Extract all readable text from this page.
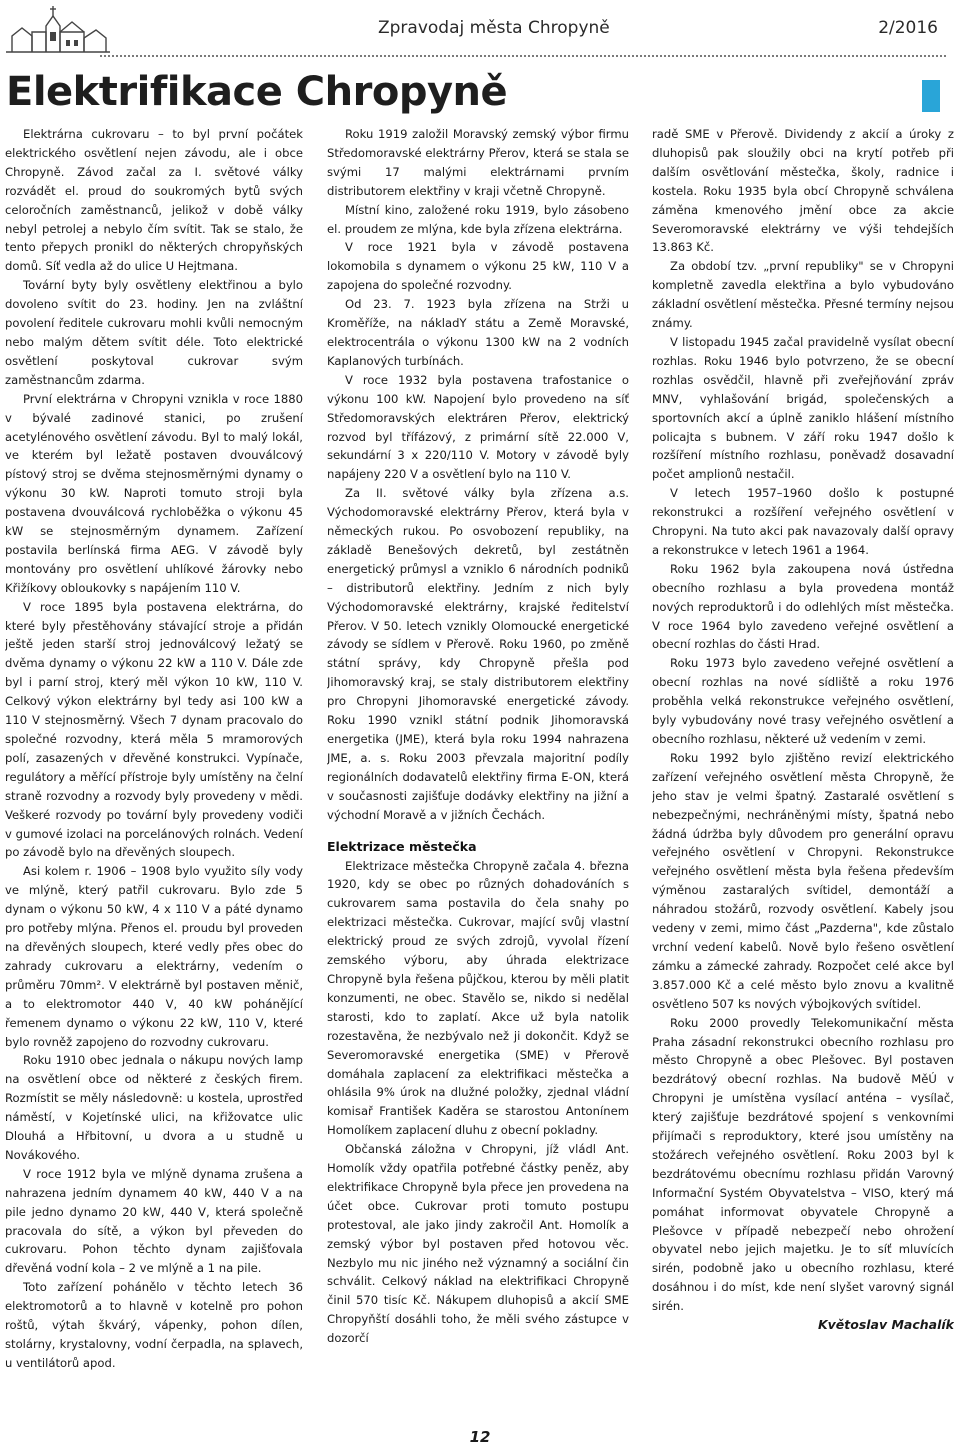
Zpravodaj města Chropyně	2/2016
Elektrifikace Chropyně

Elektrárna cukrovaru – to byl první počátek elektrického osvětlení nejen závodu, ale i obce Chropyně. Závod začal za I. světové války rozvádět el. proud do soukromých bytů svých celoročních zaměstnanců, jelikož v době války nebyl petrolej a nebylo čím svítit. Tak se stalo, že tento přepych pronikl do některých chropyňských domů. Síť vedla až do ulice U Hejtmana.

Tovární byty byly osvětleny elektřinou a bylo dovoleno svítit do 23. hodiny. Jen na zvláštní povolení ředitele cukrovaru mohli kvůli nemocným nebo malým dětem svítit déle. Toto elektrické osvětlení poskytoval cukrovar svým zaměstnancům zdarma.

První elektrárna v Chropyni vznikla v roce 1880 v bývalé zadinové stanici, po zrušení acetylénového osvětlení závodu. Byl to malý lokál, ve kterém byl ležatě postaven dvouválcový pístový stroj se dvěma stejnosměrnými dynamy o výkonu 30 kW. Naproti tomuto stroji byla postavena dvouválcová rychloběžka o výkonu 45 kW se stejnosměrným dynamem. Zařízení postavila berlínská firma AEG. V závodě byly montovány pro osvětlení uhlíkové žárovky nebo Křižíkovy obloukovky s napájením 110 V.

V roce 1895 byla postavena elektrárna, do které byly přestěhovány stávající stroje a přidán ještě jeden starší stroj jednoválcový ležatý se dvěma dynamy o výkonu 22 kW a 110 V. Dále zde byl i parní stroj, který měl výkon 10 kW, 110 V. Celkový výkon elektrárny byl tedy asi 100 kW a 110 V stejnosměrný. Všech 7 dynam pracovalo do společné rozvodny, která měla 5 mramorových polí, zasazených v dřevěné konstrukci. Vypínače, regulátory a měřící přístroje byly umístěny na čelní straně rozvodny a rozvody byly provedeny v mědi. Veškeré rozvody po tovární byly provedeny vodiči v gumové izolaci na porcelánových rolnách. Vedení po závodě bylo na dřevěných sloupech.

Asi kolem r. 1906 – 1908 bylo využito síly vody ve mlýně, který patřil cukrovaru. Bylo zde 5 dynam o výkonu 50 kW, 4 x 110 V a páté dynamo pro potřeby mlýna. Přenos el. proudu byl proveden na dřevěných sloupech, které vedly přes obec do zahrady cukrovaru a elektrárny, vedením o průměru 70mm². V elektrárně byl postaven měnič, a to elektromotor 440 V, 40 kW pohánějící řemenem dynamo o výkonu 22 kW, 110 V, které bylo rovněž zapojeno do rozvodny cukrovaru.

Roku 1910 obec jednala o nákupu nových lamp na osvětlení obce od některé z českých firem. Rozmístit se měly následovně: u kostela, uprostřed náměstí, v Kojetínské ulici, na křižovatce ulic Dlouhá a Hřbitovní, u dvora a u studně u Novákového.

V roce 1912 byla ve mlýně dynama zrušena a nahrazena jedním dynamem 40 kW, 440 V a na pile jedno dynamo 20 kW, 440 V, která společně pracovala do sítě, a výkon byl převeden do cukrovaru. Pohon těchto dynam zajišťovala dřevěná vodní kola – 2 ve mlýně a 1 na pile.

Toto zařízení pohánělo v těchto letech 36 elektromotorů a to hlavně v kotelně pro pohon roštů, výtah škvárý, vápenky, pohon dílen, stolárny, krystalovny, vodní čerpadla, na splavech, u ventilátorů apod.

Roku 1919 založil Moravský zemský výbor firmu Středomoravské elektrárny Přerov, která se stala se svými 17 malými elektrárnami prvním distributorem elektřiny v kraji včetně Chropyně.

Místní kino, založené roku 1919, bylo zásobeno el. proudem ze mlýna, kde byla zřízena elektrárna.

V roce 1921 byla v závodě postavena lokomobila s dynamem o výkonu 25 kW, 110 V a zapojena do společné rozvodny.

Od 23. 7. 1923 byla zřízena na Strži u Kroměříže, na nákladY státu a Země Moravské, elektrocentrála o výkonu 1300 kW na 2 vodních Kaplanových turbínách.

V roce 1932 byla postavena trafostanice o výkonu 100 kW. Napojení bylo provedeno na síť Středomoravských elektráren Přerov, elektrický rozvod byl třífázový, z primární sítě 22.000 V, sekundární 3 x 220/110 V. Motory v závodě byly napájeny 220 V a osvětlení bylo na 110 V.

Za II. světové války byla zřízena a.s. Východomoravské elektrárny Přerov, která byla v německých rukou. Po osvobození republiky, na základě Benešových dekretů, byl zestátněn energetický průmysl a vzniklo 6 národních podniků – distributorů elektřiny. Jedním z nich byly Východomoravské elektrárny, krajské ředitelství Přerov. V 50. letech vznikly Olomoucké energetické závody se sídlem v Přerově. Roku 1960, po změně státní správy, kdy Chropyně přešla pod Jihomoravský kraj, se staly distributorem elektřiny pro Chropyni Jihomoravské energetické závody. Roku 1990 vznikl státní podnik Jihomoravská energetika (JME), která byla roku 1994 nahrazena JME, a. s. Roku 2003 převzala majoritní podíly regionálních dodavatelů elektřiny firma E-ON, která v současnosti zajišťuje dodávky elektřiny na jižní a východní Moravě a v jižních Čechách.

Elektrizace městečka

Elektrizace městečka Chropyně začala 4. března 1920, kdy se obec po různých dohadováních s cukrovarem sama postavila do čela snahy po elektrizaci městečka. Cukrovar, mající svůj vlastní elektrický proud ze svých zdrojů, vyvolal řízení zemského výboru, aby úhrada elektrizace Chropyně byla řešena půjčkou, kterou by měli platit konzumenti, ne obec. Stavělo se, nikdo si nedělal starosti, kdo to zaplatí. Akce už byla natolik rozestavěna, že nezbývalo než ji dokončit. Když se Severomoravské energetika (SME) v Přerově domáhala zaplacení za elektrifikaci městečka a ohlásila 9% úrok na dlužné položky, zjednal vládní komisař František Kaděra se starostou Antonínem Homolíkem zaplacení dluhu z obecní pokladny.

Občanská záložna v Chropyni, jíž vládl Ant. Homolík vždy opatřila potřebné částky peněz, aby elektrifikace Chropyně byla přece jen provedena na účet obce. Cukrovar proti tomuto postupu protestoval, ale jako jindy zakročil Ant. Homolík a zemský výbor byl postaven před hotovou věc. Nezbylo mu nic jiného než významný a sociální čin schválit. Celkový náklad na elektrifikaci Chropyně činil 570 tisíc Kč. Nákupem dluhopisů a akcií SME Chropyňští dosáhli toho, že měli svého zástupce v dozorčí

radě SME v Přerově. Dividendy z akcií a úroky z dluhopisů pak sloužily obci na krytí potřeb při dalším osvětlování městečka, školy, radnice i kostela. Roku 1935 byla obcí Chropyně schválena záměna kmenového jmění obce za akcie Severomoravské elektrárny ve výši tehdejších 13.863 Kč.

Za období tzv. „první republiky" se v Chropyni kompletně zavedla elektřina a bylo vybudováno základní osvětlení městečka. Přesné termíny nejsou známy.

V listopadu 1945 začal pravidelně vysílat obecní rozhlas. Roku 1946 bylo potvrzeno, že se obecní rozhlas osvědčil, hlavně při zveřejňování zpráv MNV, vyhlašování brigád, společenských a sportovních akcí a úplně zaniklo hlášení místního policajta s bubnem. V září roku 1947 došlo k rozšíření místního rozhlasu, poněvadž dosavadní počet amplionů nestačil.

V letech 1957–1960 došlo k postupné rekonstrukci a rozšíření veřejného osvětlení v Chropyni. Na tuto akci pak navazovaly další opravy a rekonstrukce v letech 1961 a 1964.

Roku 1962 byla zakoupena nová ústředna obecního rozhlasu a byla provedena montáž nových reproduktorů i do odlehlých míst městečka. V roce 1964 bylo zavedeno veřejné osvětlení a obecní rozhlas do části Hrad.

Roku 1973 bylo zavedeno veřejné osvětlení a obecní rozhlas na nové sídliště a roku 1976 proběhla velká rekonstrukce veřejného osvětlení, byly vybudovány nové trasy veřejného osvětlení a obecního rozhlasu, některé už vedením v zemi.

Roku 1992 bylo zjištěno revizí elektrického zařízení veřejného osvětlení města Chropyně, že jeho stav je velmi špatný. Zastaralé osvětlení s nebezpečnými, nechráněnými místy, špatná nebo žádná údržba byly důvodem pro generální opravu veřejného osvětlení v Chropyni. Rekonstrukce veřejného osvětlení města byla řešena především výměnou zastaralých svítidel, demontáží a náhradou stožárů, rozvody osvětlení. Kabely jsou vedeny v zemi, mimo část „Pazderna", kde zůstalo vrchní vedení kabelů. Nově bylo řešeno osvětlení zámku a zámecké zahrady. Rozpočet celé akce byl 3.857.000 Kč a celé město bylo znovu a kvalitně osvětleno 507 ks nových výbojkových svítidel.

Roku 2000 provedly Telekomunikační města Praha zásadní rekonstrukci obecního rozhlasu pro město Chropyně a obec Plešovec. Byl postaven bezdrátový obecní rozhlas. Na budově MěÚ v Chropyni je umístěna vysílací anténa – vysílač, který zajišťuje bezdrátové spojení s venkovními přijímači s reproduktory, které jsou umístěny na stožárech veřejného osvětlení. Roku 2003 byl k bezdrátovému obecnímu rozhlasu přidán Varovný Informační Systém Obyvatelstva – VISO, který má pomáhat informovat obyvatele Chropyně a Plešovce v případě nebezpečí nebo ohrožení obyvatel nebo jejich majetku. Je to síť mluvících sirén, podobně jako u obecního rozhlasu, které dosáhnou i do míst, kde není slyšet varovný signál sirén.

Květoslav Machalík

12
